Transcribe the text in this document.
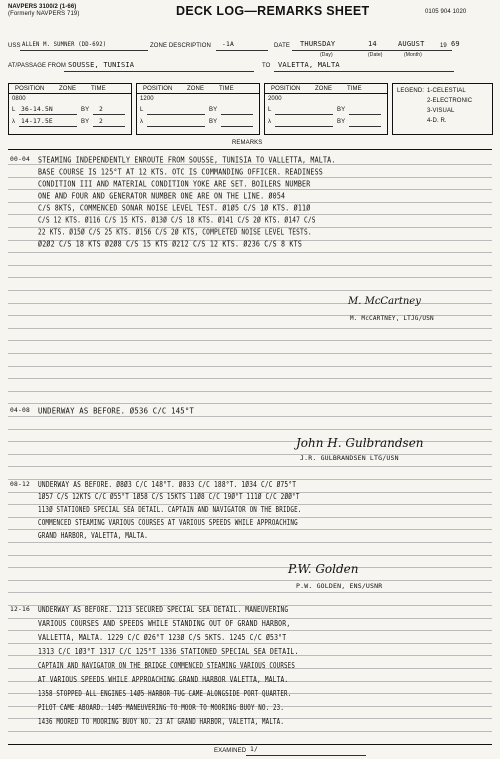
NAVPERS 3100/2 (1-66)
(Formerly NAVPERS 719)	DECK LOG—REMARKS SHEET	0105 904 1020
USS ALLEN M. SUMNER (DD-692)	ZONE DESCRIPTION -1A	DATE THURSDAY	14	AUGUST	19 69
(Day)	(Date)	(Month)
AT/PASSAGE FROM SOUSSE, TUNISIA	TO VALETTA, MALTA
POSITION ZONE TIME
0800
L 36-14.5N	BY 2
λ 14-17.5E	BY 2
POSITION ZONE TIME
1200
L	BY
λ	BY
POSITION ZONE TIME
2000
L	BY
λ	BY
LEGEND: 1-CELESTIAL
2-ELECTRONIC
3-VISUAL
4-D. R.
REMARKS
00-04 STEAMING INDEPENDENTLY ENROUTE FROM SOUSSE, TUNISIA TO VALLETTA, MALTA.
BASE COURSE IS 125°T AT 12 KTS. OTC IS COMMANDING OFFICER. READINESS
CONDITION III AND MATERIAL CONDITION YOKE ARE SET. BOILERS NUMBER
ONE AND FOUR AND GENERATOR NUMBER ONE ARE ON THE LINE. Ø054
C/S 8KTS, COMMENCED SONAR NOISE LEVEL TEST. Ø1Ø5 C/S 1Ø KTS. Ø11Ø
C/S 12 KTS. Ø116 C/S 15 KTS. Ø13Ø C/S 18 KTS. Ø141 C/S 2Ø KTS. Ø147 C/S
22 KTS. Ø15Ø C/S 25 KTS. Ø156 C/S 2Ø KTS, COMPLETED NOISE LEVEL TESTS.
Ø2Ø2 C/S 18 KTS Ø2Ø8 C/S 15 KTS Ø212 C/S 12 KTS. Ø236 C/S 8 KTS
M. McCartney
M. McCARTNEY, LTJG/USN
04-08 UNDERWAY AS BEFORE. Ø536 C/C 145°T
John H. Gulbrandsen
J.R. GULBRANDSEN LTG/USN
08-12 UNDERWAY AS BEFORE. Ø8Ø3 C/C 148°T. Ø833 C/C 188°T. 1Ø34 C/C Ø75°T
1Ø57 C/S 12KTS C/C Ø55°T 1Ø58 C/S 15KTS 11Ø8 C/C 19Ø°T 111Ø C/C 2ØØ°T
113Ø STATIONED SPECIAL SEA DETAIL. CAPTAIN AND NAVIGATOR ON THE BRIDGE.
COMMENCED STEAMING VARIOUS COURSES AT VARIOUS SPEEDS WHILE APPROACHING
GRAND HARBOR, VALETTA, MALTA.
P.W. Golden
P.W. GOLDEN, ENS/USNR
12-16 UNDERWAY AS BEFORE. 1213 SECURED SPECIAL SEA DETAIL. MANEUVERING
VARIOUS COURSES AND SPEEDS WHILE STANDING OUT OF GRAND HARBOR,
VALLETTA, MALTA. 1229 C/C Ø26°T 123Ø C/S 5KTS. 1245 C/C Ø53°T
1313 C/C 1Ø3°T 1317 C/C 125°T 1336 STATIONED SPECIAL SEA DETAIL.
CAPTAIN AND NAVIGATOR ON THE BRIDGE COMMENCED STEAMING VARIOUS COURSES
AT VARIOUS SPEEDS WHILE APPROACHING GRAND HARBOR VALETTA, MALTA.
1358 STOPPED ALL ENGINES 14Ø5 HARBOR TUG CAME ALONGSIDE PORT QUARTER.
PILOT CAME ABOARD. 14Ø5 MANEUVERING TO MOOR TO MOORING BUOY NO. 23.
1436 MOORED TO MOORING BUOY NO. 23 AT GRAND HARBOR, VALETTA, MALTA.
EXAMINED 1/
